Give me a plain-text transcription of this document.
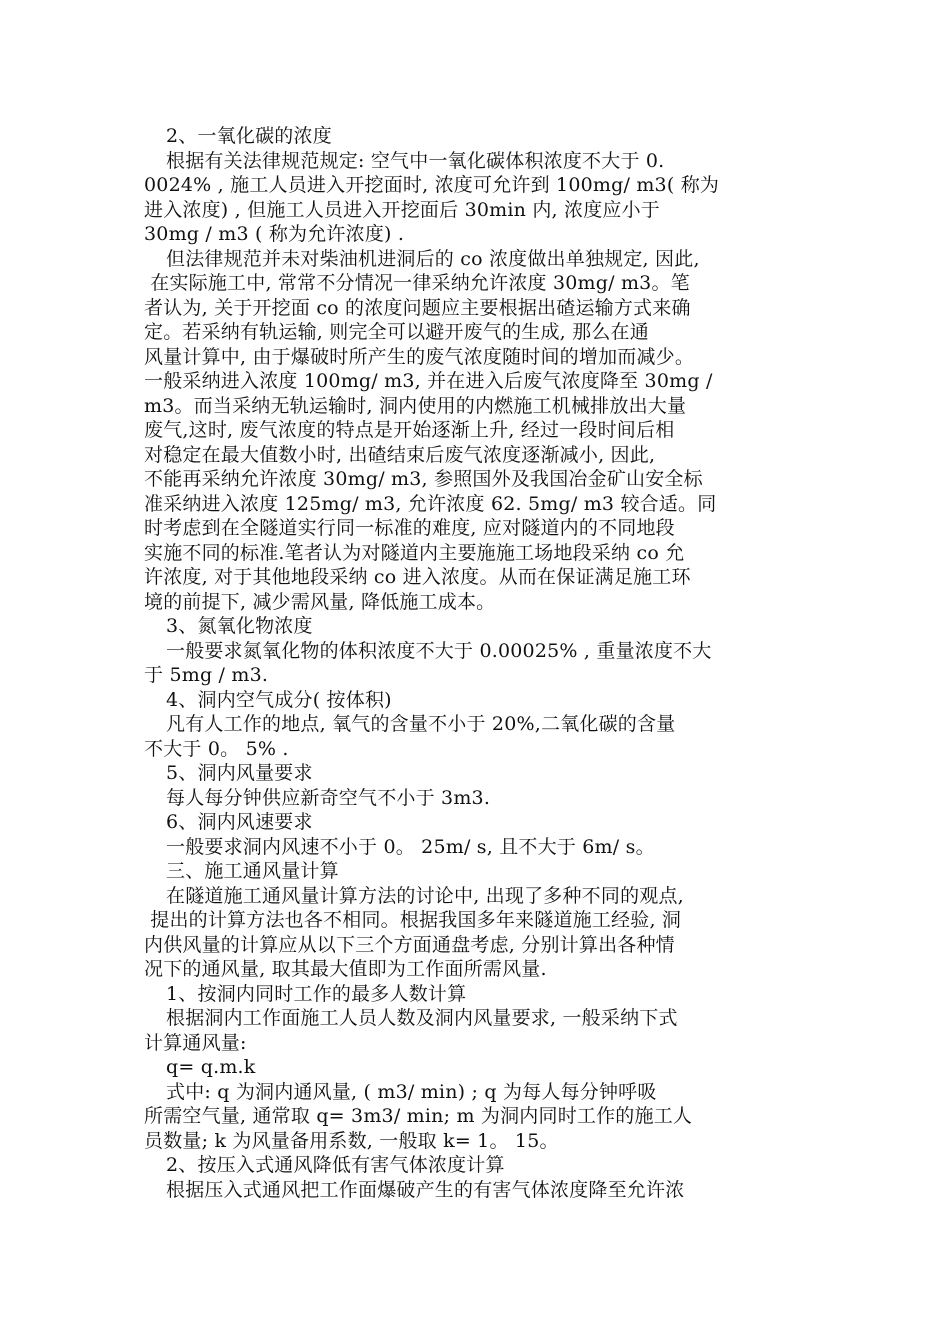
2、一氧化碳的浓度
根据有关法律规范规定: 空气中一氧化碳体积浓度不大于 0.
0024% , 施工人员进入开挖面时, 浓度可允许到 100mg/ m3( 称为
进入浓度) , 但施工人员进入开挖面后 30min 内, 浓度应小于
30mg / m3 ( 称为允许浓度) .
但法律规范并未对柴油机进洞后的 co 浓度做出单独规定, 因此,
在实际施工中, 常常不分情况一律采纳允许浓度 30mg/ m3。笔
者认为, 关于开挖面 co 的浓度问题应主要根据出碴运输方式来确
定。若采纳有轨运输, 则完全可以避开废气的生成, 那么在通
风量计算中, 由于爆破时所产生的废气浓度随时间的增加而减少。
一般采纳进入浓度 100mg/ m3, 并在进入后废气浓度降至 30mg /
m3。而当采纳无轨运输时, 洞内使用的内燃施工机械排放出大量
废气,这时, 废气浓度的特点是开始逐渐上升, 经过一段时间后相
对稳定在最大值数小时, 出碴结束后废气浓度逐渐减小, 因此,
不能再采纳允许浓度 30mg/ m3, 参照国外及我国冶金矿山安全标
准采纳进入浓度 125mg/ m3, 允许浓度 62. 5mg/ m3 较合适。同
时考虑到在全隧道实行同一标准的难度, 应对隧道内的不同地段
实施不同的标准.笔者认为对隧道内主要施施工场地段采纳 co 允
许浓度, 对于其他地段采纳 co 进入浓度。从而在保证满足施工环
境的前提下, 减少需风量, 降低施工成本。
3、氮氧化物浓度
一般要求氮氧化物的体积浓度不大于 0.00025% , 重量浓度不大
于 5mg / m3.
4、洞内空气成分( 按体积)
凡有人工作的地点, 氧气的含量不小于 20%,二氧化碳的含量
不大于 0。 5% .
5、洞内风量要求
每人每分钟供应新奇空气不小于 3m3.
6、洞内风速要求
一般要求洞内风速不小于 0。 25m/ s, 且不大于 6m/ s。
三、施工通风量计算
在隧道施工通风量计算方法的讨论中, 出现了多种不同的观点,
提出的计算方法也各不相同。根据我国多年来隧道施工经验, 洞
内供风量的计算应从以下三个方面通盘考虑, 分别计算出各种情
况下的通风量, 取其最大值即为工作面所需风量.
1、按洞内同时工作的最多人数计算
根据洞内工作面施工人员人数及洞内风量要求, 一般采纳下式
计算通风量:
q= q.m.k
式中: q 为洞内通风量, ( m3/ min) ; q 为每人每分钟呼吸
所需空气量, 通常取 q= 3m3/ min; m 为洞内同时工作的施工人
员数量; k 为风量备用系数, 一般取 k= 1。 15。
2、按压入式通风降低有害气体浓度计算
根据压入式通风把工作面爆破产生的有害气体浓度降至允许浓
